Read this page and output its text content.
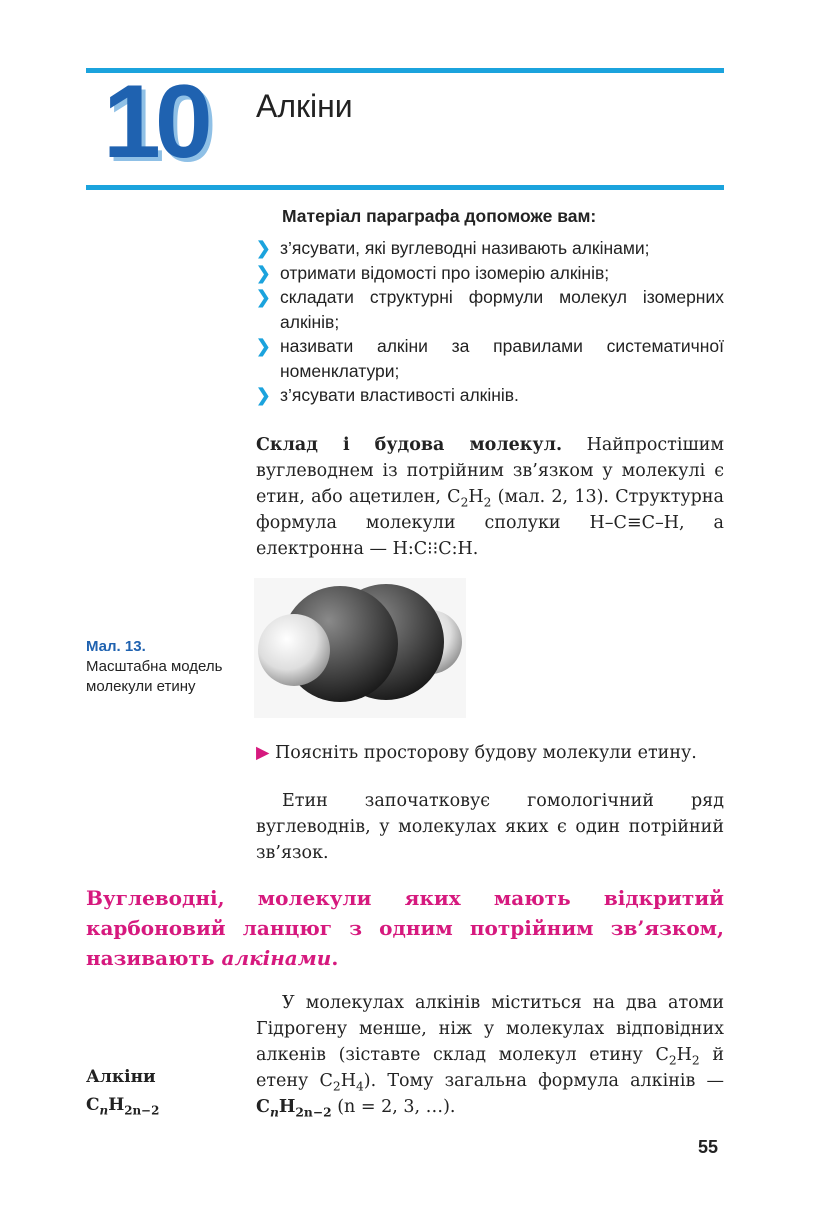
10 Алкіни
Матеріал параграфа допоможе вам:
❯ з’ясувати, які вуглеводні називають алкінами;
❯ отримати відомості про ізомерію алкінів;
❯ складати структурні формули молекул ізомерних алкінів;
❯ називати алкіни за правилами систематичної номенклатури;
❯ з’ясувати властивості алкінів.
Склад і будова молекул. Найпростішим вуглеводнем із потрійним зв’язком у молекулі є етин, або ацетилен, $C_2H_2$ (мал. 2, 13). Структурна формула молекули сполуки H–C≡C–H, а електронна — H:C⁝⁝C:H.
Мал. 13.
Масштабна модель молекули етину
▶ Поясніть просторову будову молекули етину.
Етин започатковує гомологічний ряд вуглеводнів, у молекулах яких є один потрійний зв’язок.
Вуглеводні, молекули яких мають відкритий карбоновий ланцюг з одним потрійним зв’язком, називають алкінами.
У молекулах алкінів міститься на два атоми Гідрогену менше, ніж у молекулах відповідних алкенів (зіставте склад молекул етину $C_2H_2$ й етену $C_2H_4$). Тому загальна формула алкінів — $C_nH_{2n-2}$ (n = 2, 3, …).
Алкіни
$C_nH_{2n-2}$
55
